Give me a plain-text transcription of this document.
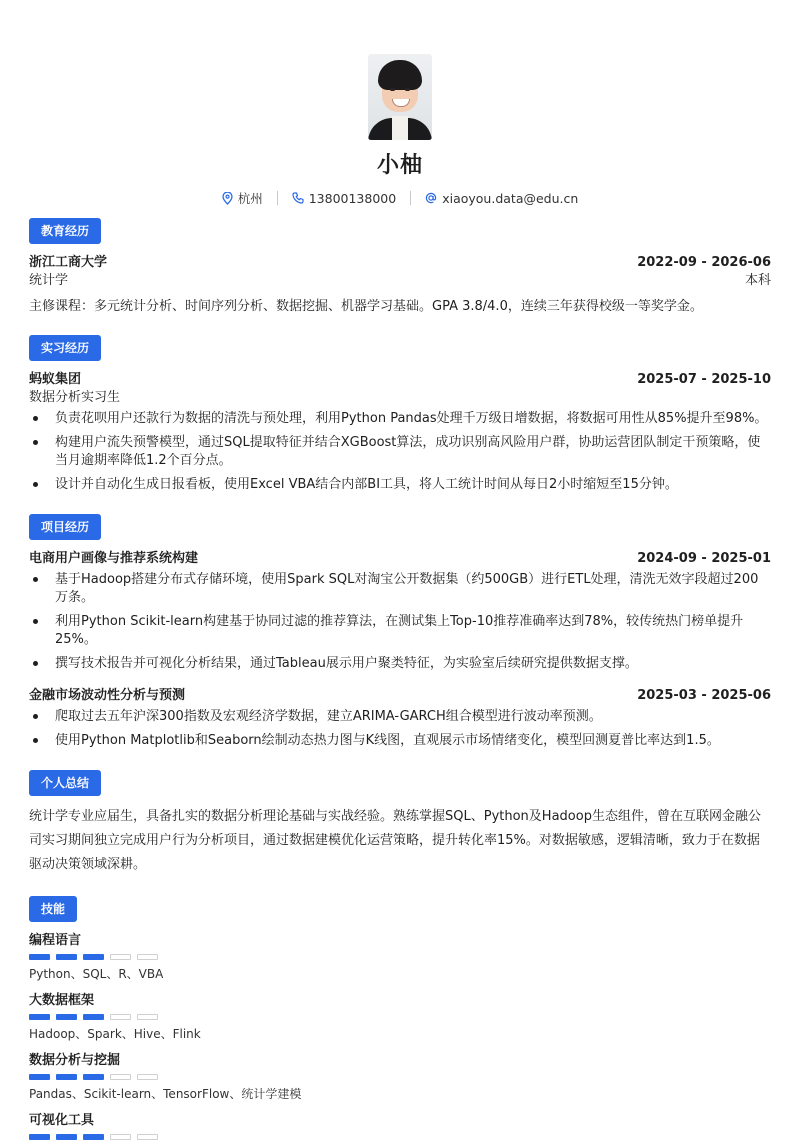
小柚
杭州	13800138000	xiaoyou.data@edu.cn
教育经历
浙江工商大学	2022-09 - 2026-06
统计学	本科
主修课程：多元统计分析、时间序列分析、数据挖掘、机器学习基础。GPA 3.8/4.0，连续三年获得校级一等奖学金。
实习经历
蚂蚁集团	2025-07 - 2025-10
数据分析实习生
负责花呗用户还款行为数据的清洗与预处理，利用Python Pandas处理千万级日增数据，将数据可用性从85%提升至98%。
构建用户流失预警模型，通过SQL提取特征并结合XGBoost算法，成功识别高风险用户群，协助运营团队制定干预策略，使当月逾期率降低1.2个百分点。
设计并自动化生成日报看板，使用Excel VBA结合内部BI工具，将人工统计时间从每日2小时缩短至15分钟。
项目经历
电商用户画像与推荐系统构建	2024-09 - 2025-01
基于Hadoop搭建分布式存储环境，使用Spark SQL对淘宝公开数据集（约500GB）进行ETL处理，清洗无效字段超过200万条。
利用Python Scikit-learn构建基于协同过滤的推荐算法，在测试集上Top-10推荐准确率达到78%，较传统热门榜单提升25%。
撰写技术报告并可视化分析结果，通过Tableau展示用户聚类特征，为实验室后续研究提供数据支撑。
金融市场波动性分析与预测	2025-03 - 2025-06
爬取过去五年沪深300指数及宏观经济学数据，建立ARIMA-GARCH组合模型进行波动率预测。
使用Python Matplotlib和Seaborn绘制动态热力图与K线图，直观展示市场情绪变化，模型回测夏普比率达到1.5。
个人总结
统计学专业应届生，具备扎实的数据分析理论基础与实战经验。熟练掌握SQL、Python及Hadoop生态组件，曾在互联网金融公司实习期间独立完成用户行为分析项目，通过数据建模优化运营策略，提升转化率15%。对数据敏感，逻辑清晰，致力于在数据驱动决策领域深耕。
技能
编程语言
Python、SQL、R、VBA
大数据框架
Hadoop、Spark、Hive、Flink
数据分析与挖掘
Pandas、Scikit-learn、TensorFlow、统计学建模
可视化工具
